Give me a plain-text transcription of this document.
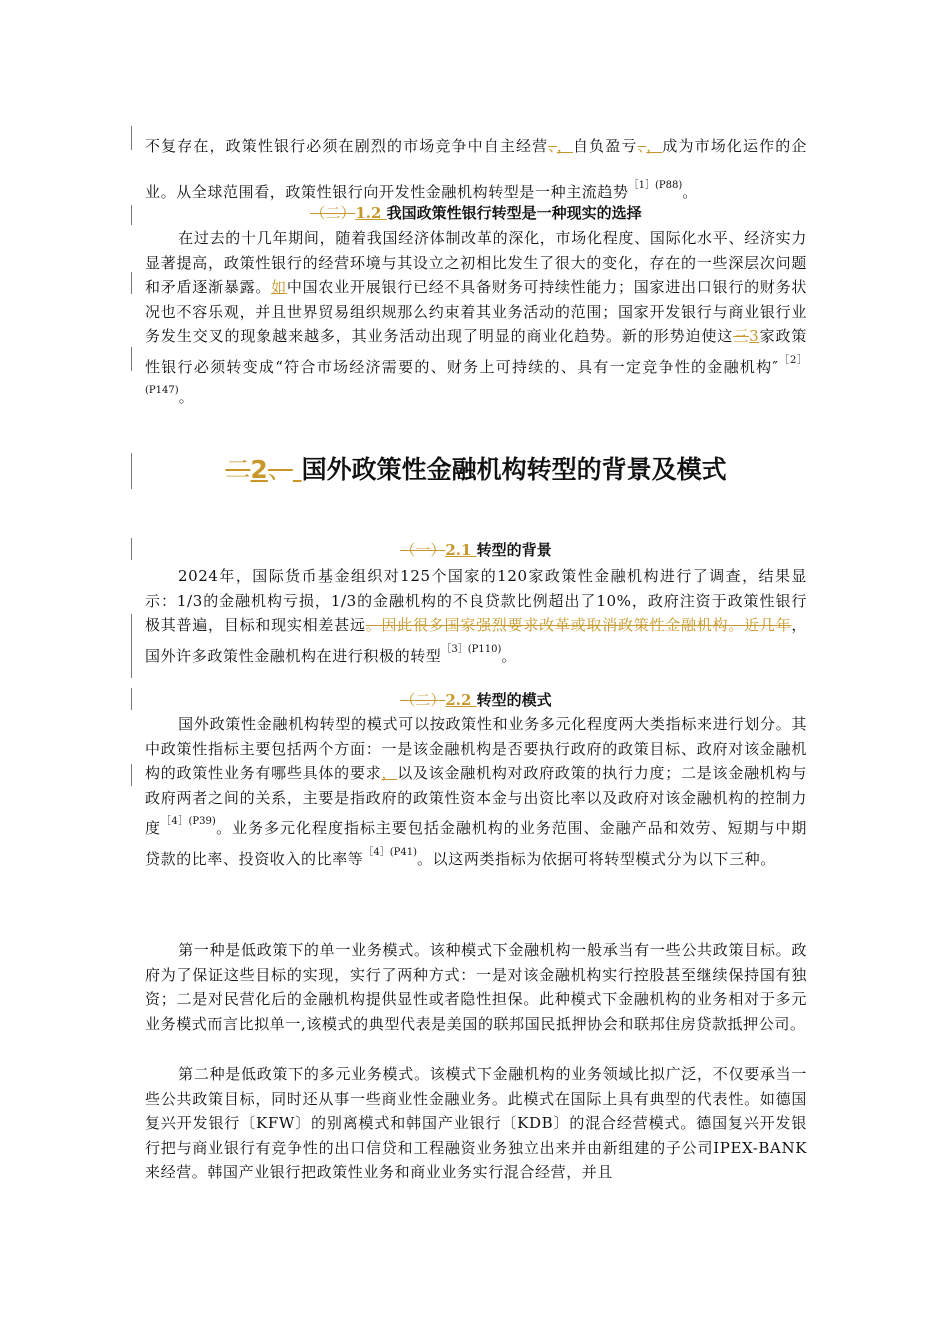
不复存在，政策性银行必须在剧烈的市场竞争中自主经营、，自负盈亏、，成为市场化运作的企业。从全球范围看，政策性银行向开发性金融机构转型是一种主流趋势$^{[1](P88)}$。

（二）1.2 我国政策性银行转型是一种现实的选择

在过去的十几年期间，随着我国经济体制改革的深化，市场化程度、国际化水平、经济实力显著提高，政策性银行的经营环境与其设立之初相比发生了很大的变化，存在的一些深层次问题和矛盾逐渐暴露。如中国农业开展银行已经不具备财务可持续性能力；国家进出口银行的财务状况也不容乐观，并且世界贸易组织规那么约束着其业务活动的范围；国家开发银行与商业银行业务发生交叉的现象越来越多，其业务活动出现了明显的商业化趋势。新的形势迫使这三3家政策性银行必须转变成“符合市场经济需要的、财务上可持续的、具有一定竞争性的金融机构″$^{[2](P147)}$。

二2、 国外政策性金融机构转型的背景及模式
（一）2.1 转型的背景

2024年，国际货币基金组织对125个国家的120家政策性金融机构进行了调查，结果显示：1/3的金融机构亏损，1/3的金融机构的不良贷款比例超出了10%，政府注资于政策性银行极其普遍，目标和现实相差甚远。因此很多国家强烈要求改革或取消政策性金融机构。近几年，国外许多政策性金融机构在进行积极的转型$^{[3](P110)}$。

（二）2.2 转型的模式

国外政策性金融机构转型的模式可以按政策性和业务多元化程度两大类指标来进行划分。其中政策性指标主要包括两个方面：一是该金融机构是否要执行政府的政策目标、政府对该金融机构的政策性业务有哪些具体的要求，以及该金融机构对政府政策的执行力度；二是该金融机构与政府两者之间的关系，主要是指政府的政策性资本金与出资比率以及政府对该金融机构的控制力度$^{[4](P39)}$。业务多元化程度指标主要包括金融机构的业务范围、金融产品和效劳、短期与中期贷款的比率、投资收入的比率等$^{[4](P41)}$。以这两类指标为依据可将转型模式分为以下三种。

第一种是低政策下的单一业务模式。该种模式下金融机构一般承当有一些公共政策目标。政府为了保证这些目标的实现，实行了两种方式：一是对该金融机构实行控股甚至继续保持国有独资；二是对民营化后的金融机构提供显性或者隐性担保。此种模式下金融机构的业务相对于多元业务模式而言比拟单一,该模式的典型代表是美国的联邦国民抵押协会和联邦住房贷款抵押公司。

第二种是低政策下的多元业务模式。该模式下金融机构的业务领域比拟广泛，不仅要承当一些公共政策目标，同时还从事一些商业性金融业务。此模式在国际上具有典型的代表性。如德国复兴开发银行〔KFW〕的别离模式和韩国产业银行〔KDB〕的混合经营模式。德国复兴开发银行把与商业银行有竞争性的出口信贷和工程融资业务独立出来并由新组建的子公司IPEX-BANK来经营。韩国产业银行把政策性业务和商业业务实行混合经营，并且
